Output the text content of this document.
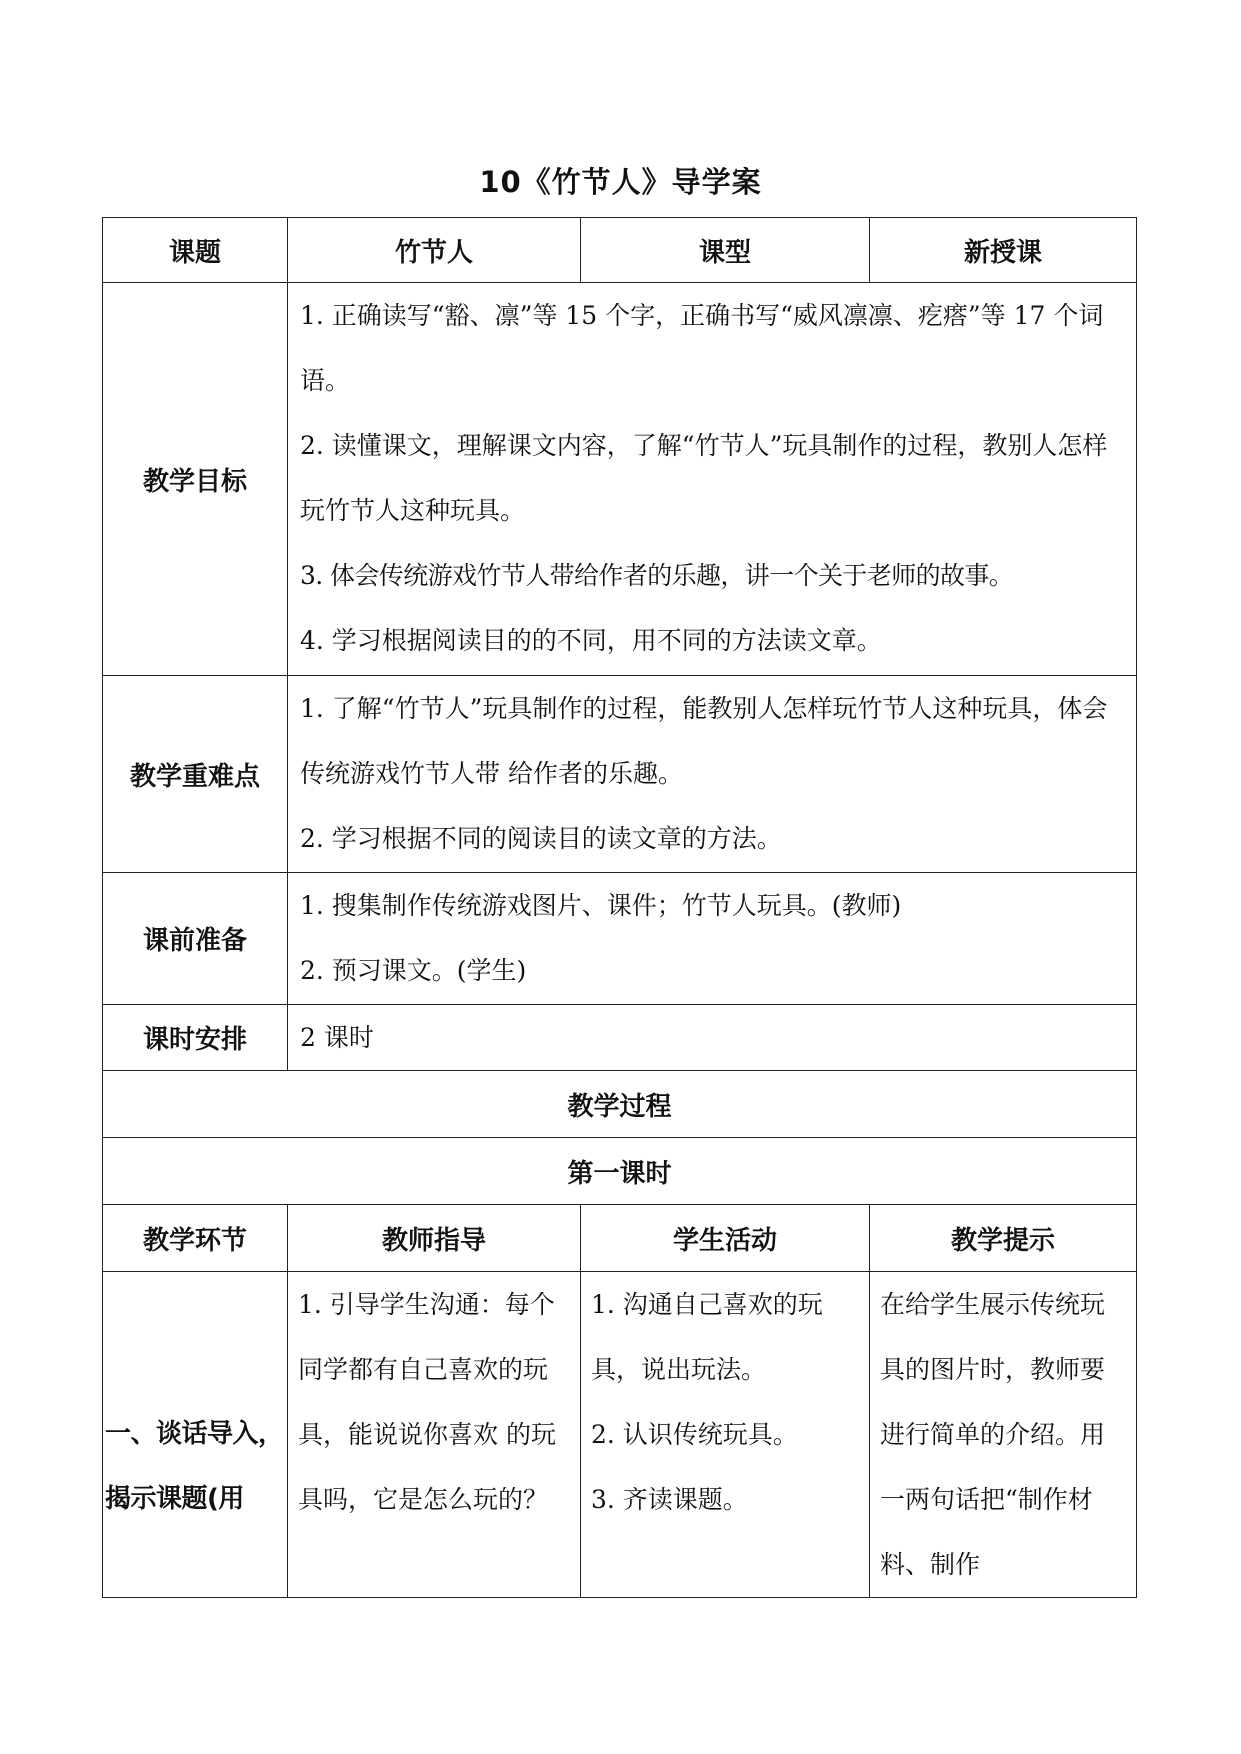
10《竹节人》导学案
课题	竹节人	课型	新授课
教学目标	1. 正确读写“豁、凛”等 15 个字，正确书写“威风凛凛、疙瘩”等 17 个词语。

2. 读懂课文，理解课文内容，了解“竹节人”玩具制作的过程，教别人怎样玩竹节人这种玩具。

3. 体会传统游戏竹节人带给作者的乐趣，讲一个关于老师的故事。

4. 学习根据阅读目的的不同，用不同的方法读文章。		

教学重难点	1. 了解“竹节人”玩具制作的过程，能教别人怎样玩竹节人这种玩具，体会传统游戏竹节人带 给作者的乐趣。

2. 学习根据不同的阅读目的读文章的方法。		

课前准备	1. 搜集制作传统游戏图片、课件；竹节人玩具。(教师)

2. 预习课文。(学生)		

课时安排	2 课时		
教学过程			
第一课时			
教学环节	教师指导	学生活动	教学提示

一、谈话导入，揭示课题(用	1. 引导学生沟通：每个同学都有自己喜欢的玩具，能说说你喜欢 的玩具吗，它是怎么玩的？	1. 沟通自己喜欢的玩具，说出玩法。

2. 认识传统玩具。

3. 齐读课题。	在给学生展示传统玩具的图片时，教师要进行简单的介绍。用一两句话把“制作材料、制作
